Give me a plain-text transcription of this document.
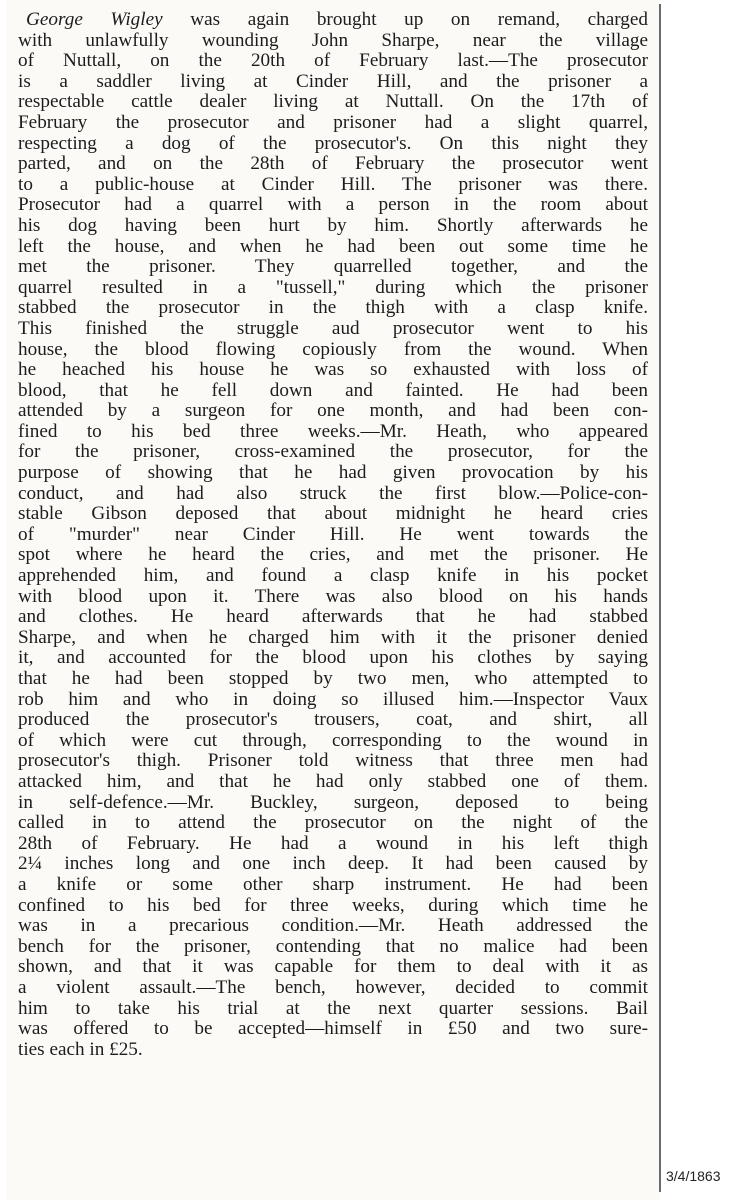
George Wigley was again brought up on remand, charged
with unlawfully wounding John Sharpe, near the village
of Nuttall, on the 20th of February last.—The prosecutor
is a saddler living at Cinder Hill, and the prisoner a
respectable cattle dealer living at Nuttall. On the 17th of
February the prosecutor and prisoner had a slight quarrel,
respecting a dog of the prosecutor's. On this night they
parted, and on the 28th of February the prosecutor went
to a public-house at Cinder Hill. The prisoner was there.
Prosecutor had a quarrel with a person in the room about
his dog having been hurt by him. Shortly afterwards he
left the house, and when he had been out some time he
met the prisoner. They quarrelled together, and the
quarrel resulted in a "tussell," during which the prisoner
stabbed the prosecutor in the thigh with a clasp knife.
This finished the struggle aud prosecutor went to his
house, the blood flowing copiously from the wound. When
he heached his house he was so exhausted with loss of
blood, that he fell down and fainted. He had been
attended by a surgeon for one month, and had been con-
fined to his bed three weeks.—Mr. Heath, who appeared
for the prisoner, cross-examined the prosecutor, for the
purpose of showing that he had given provocation by his
conduct, and had also struck the first blow.—Police-con-
stable Gibson deposed that about midnight he heard cries
of "murder" near Cinder Hill. He went towards the
spot where he heard the cries, and met the prisoner. He
apprehended him, and found a clasp knife in his pocket
with blood upon it. There was also blood on his hands
and clothes. He heard afterwards that he had stabbed
Sharpe, and when he charged him with it the prisoner denied
it, and accounted for the blood upon his clothes by saying
that he had been stopped by two men, who attempted to
rob him and who in doing so illused him.—Inspector Vaux
produced the prosecutor's trousers, coat, and shirt, all
of which were cut through, corresponding to the wound in
prosecutor's thigh. Prisoner told witness that three men had
attacked him, and that he had only stabbed one of them.
in self-defence.—Mr. Buckley, surgeon, deposed to being
called in to attend the prosecutor on the night of the
28th of February. He had a wound in his left thigh
2¼ inches long and one inch deep. It had been caused by
a knife or some other sharp instrument. He had been
confined to his bed for three weeks, during which time he
was in a precarious condition.—Mr. Heath addressed the
bench for the prisoner, contending that no malice had been
shown, and that it was capable for them to deal with it as
a violent assault.—The bench, however, decided to commit
him to take his trial at the next quarter sessions. Bail
was offered to be accepted—himself in £50 and two sure-
ties each in £25.
3/4/1863
